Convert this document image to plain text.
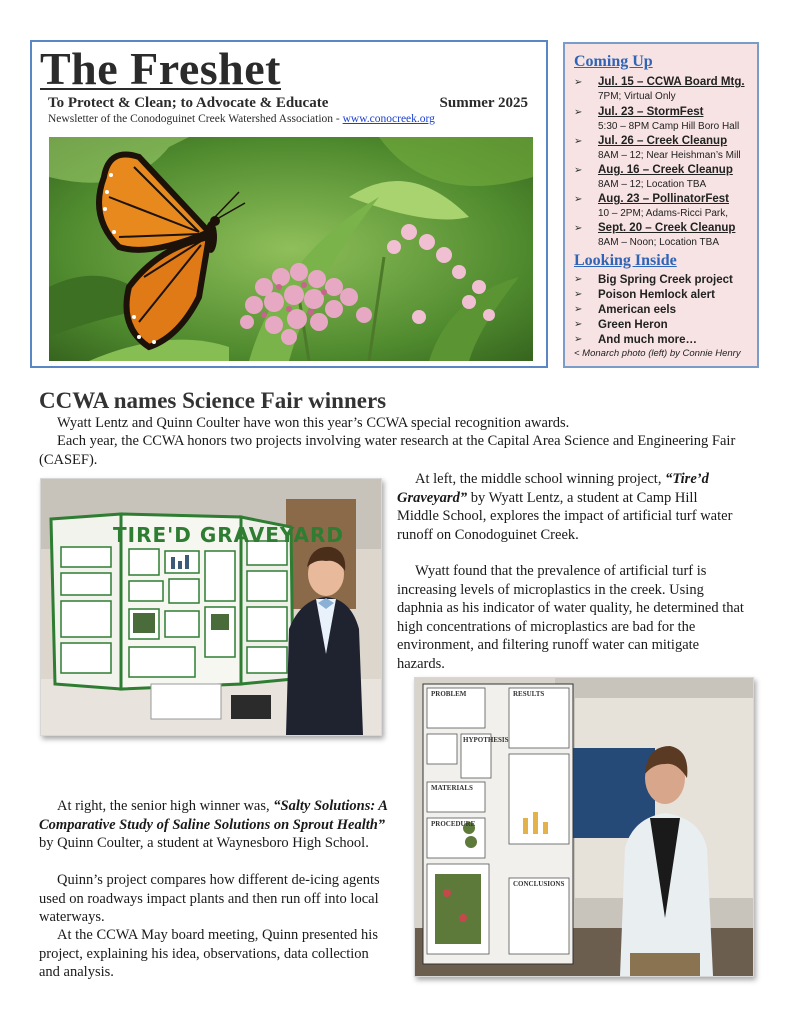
The Freshet
To Protect & Clean; to Advocate & Educate	Summer 2025
Newsletter of the Conodoguinet Creek Watershed Association - www.conocreek.org
Coming Up
➢ Jul. 15 – CCWA Board Mtg.
7PM; Virtual Only
➢ Jul. 23 – StormFest
5:30 – 8PM Camp Hill Boro Hall
➢ Jul. 26 – Creek Cleanup
8AM – 12; Near Heishman’s Mill
➢ Aug. 16 – Creek Cleanup
8AM – 12; Location TBA
➢ Aug. 23 – PollinatorFest
10 – 2PM; Adams-Ricci Park,
➢ Sept. 20 – Creek Cleanup
8AM – Noon; Location TBA
Looking Inside
➢ Big Spring Creek project
➢ Poison Hemlock alert
➢ American eels
➢ Green Heron
➢ And much more…
< Monarch photo (left) by Connie Henry
CCWA names Science Fair winners

Wyatt Lentz and Quinn Coulter have won this year’s CCWA special recognition awards.

Each year, the CCWA honors two projects involving water research at the Capital Area Science and Engineering Fair (CASEF).

At left, the middle school winning project, “Tire’d Graveyard” by Wyatt Lentz, a student at Camp Hill Middle School, explores the impact of artificial turf water runoff on Conodoguinet Creek.

Wyatt found that the prevalence of artificial turf is increasing levels of microplastics in the creek. Using daphnia as his indicator of water quality, he determined that high concentrations of microplastics are bad for the environment, and filtering runoff water can mitigate hazards.

TIRE'D GRAVEYARD

At right, the senior high winner was, “Salty Solutions: A Comparative Study of Saline Solutions on Sprout Health” by Quinn Coulter, a student at Waynesboro High School.

Quinn’s project compares how different de-icing agents used on roadways impact plants and then run off into local waterways.

At the CCWA May board meeting, Quinn presented his project, explaining his idea, observations, data collection and analysis.

PROBLEM	RESULTS
HYPOTHESIS
MATERIALS
PROCEDURE
CONCLUSIONS
